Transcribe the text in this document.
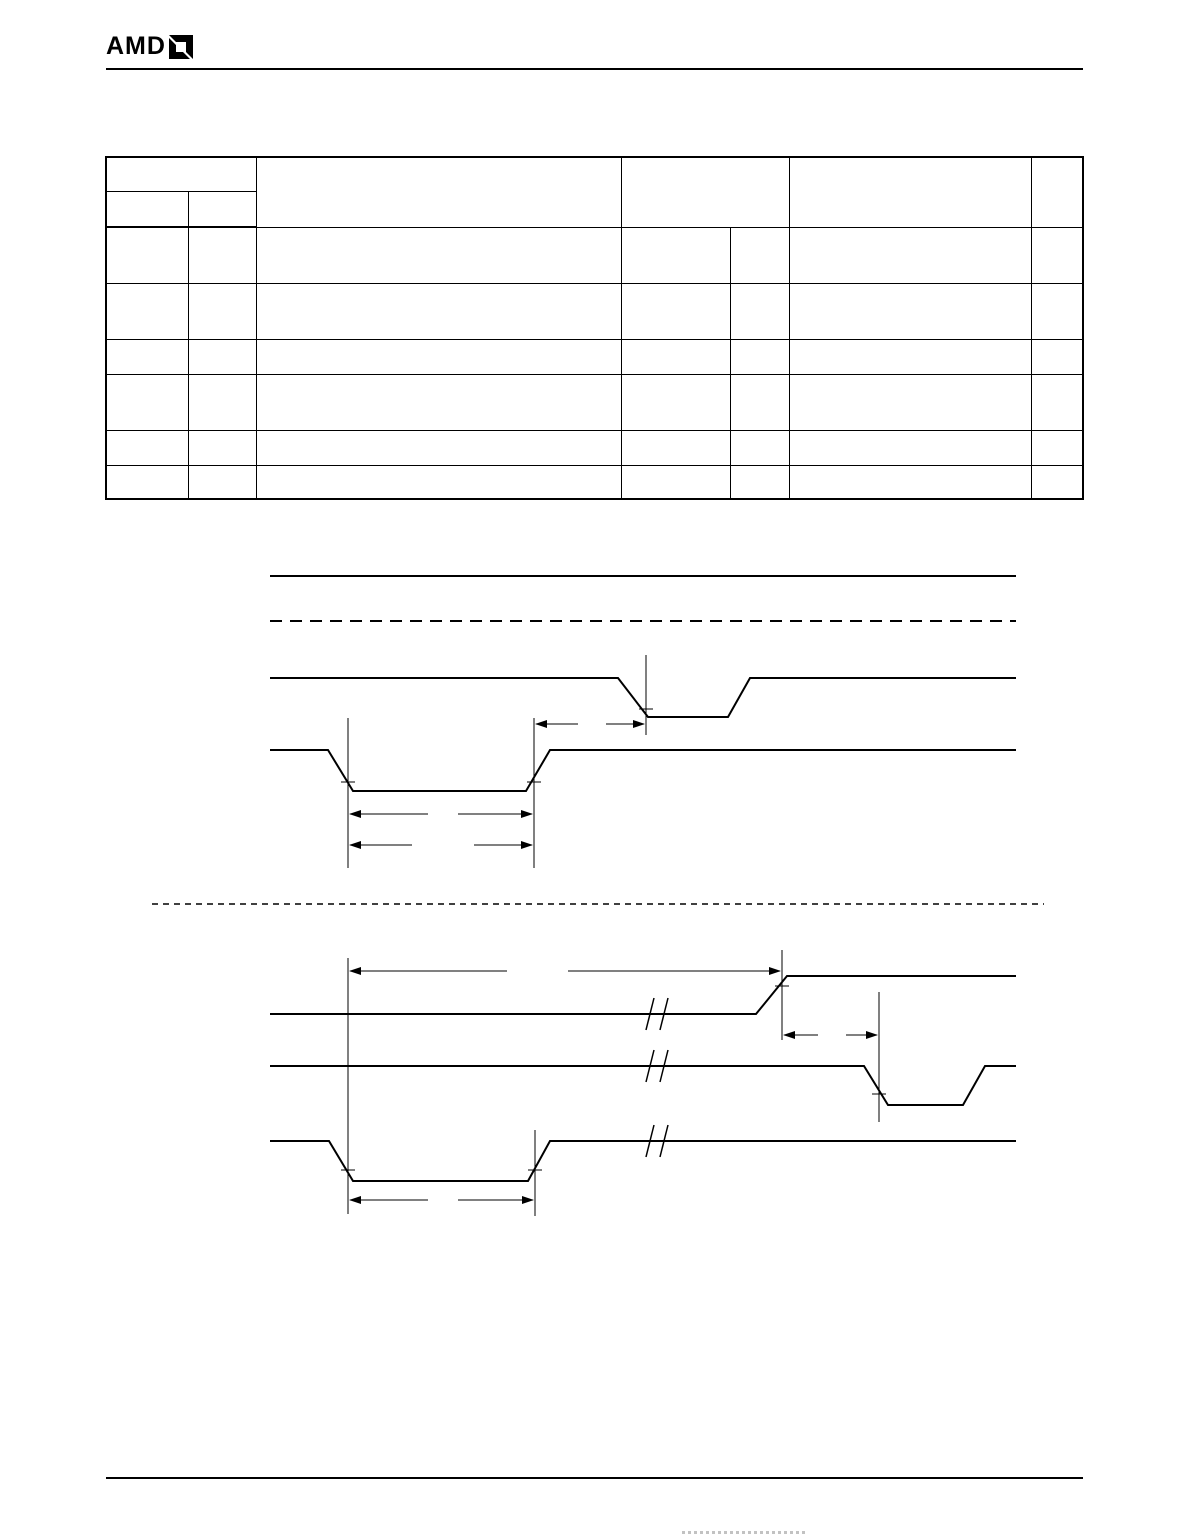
AMD
